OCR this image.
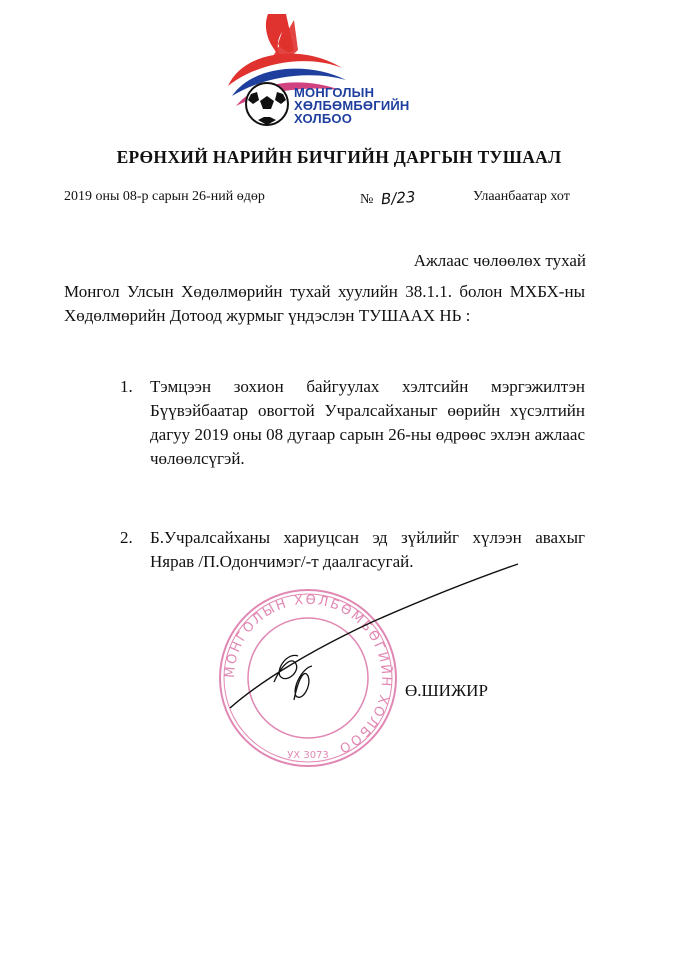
МОНГОЛЫН
ХӨЛБӨМБӨГИЙН
ХОЛБОО
ЕРӨНХИЙ НАРИЙН БИЧГИЙН ДАРГЫН ТУШААЛ
2019 оны 08-р сарын 26-ний өдөр	№ B/23	Улаанбаатар хот
Ажлаас чөлөөлөх тухай
Монгол Улсын Хөдөлмөрийн тухай хуулийн 38.1.1. болон МХБХ-ны Хөдөлмөрийн Дотоод журмыг үндэслэн ТУШААХ НЬ :
1. Тэмцээн зохион байгуулах хэлтсийн мэргэжилтэн Бүүвэйбаатар овогтой Учралсайханыг өөрийн хүсэлтийн дагуу 2019 оны 08 дугаар сарын 26-ны өдрөөс эхлэн ажлаас чөлөөлсүгэй.
2. Б.Учралсайханы хариуцсан эд зүйлийг хүлээн авахыг Нярав /П.Одончимэг/-т даалгасугай.
МОНГОЛЫН ХӨЛБӨМБӨГИЙН ХОЛБОО
УХ 3073
Ө.ШИЖИР
